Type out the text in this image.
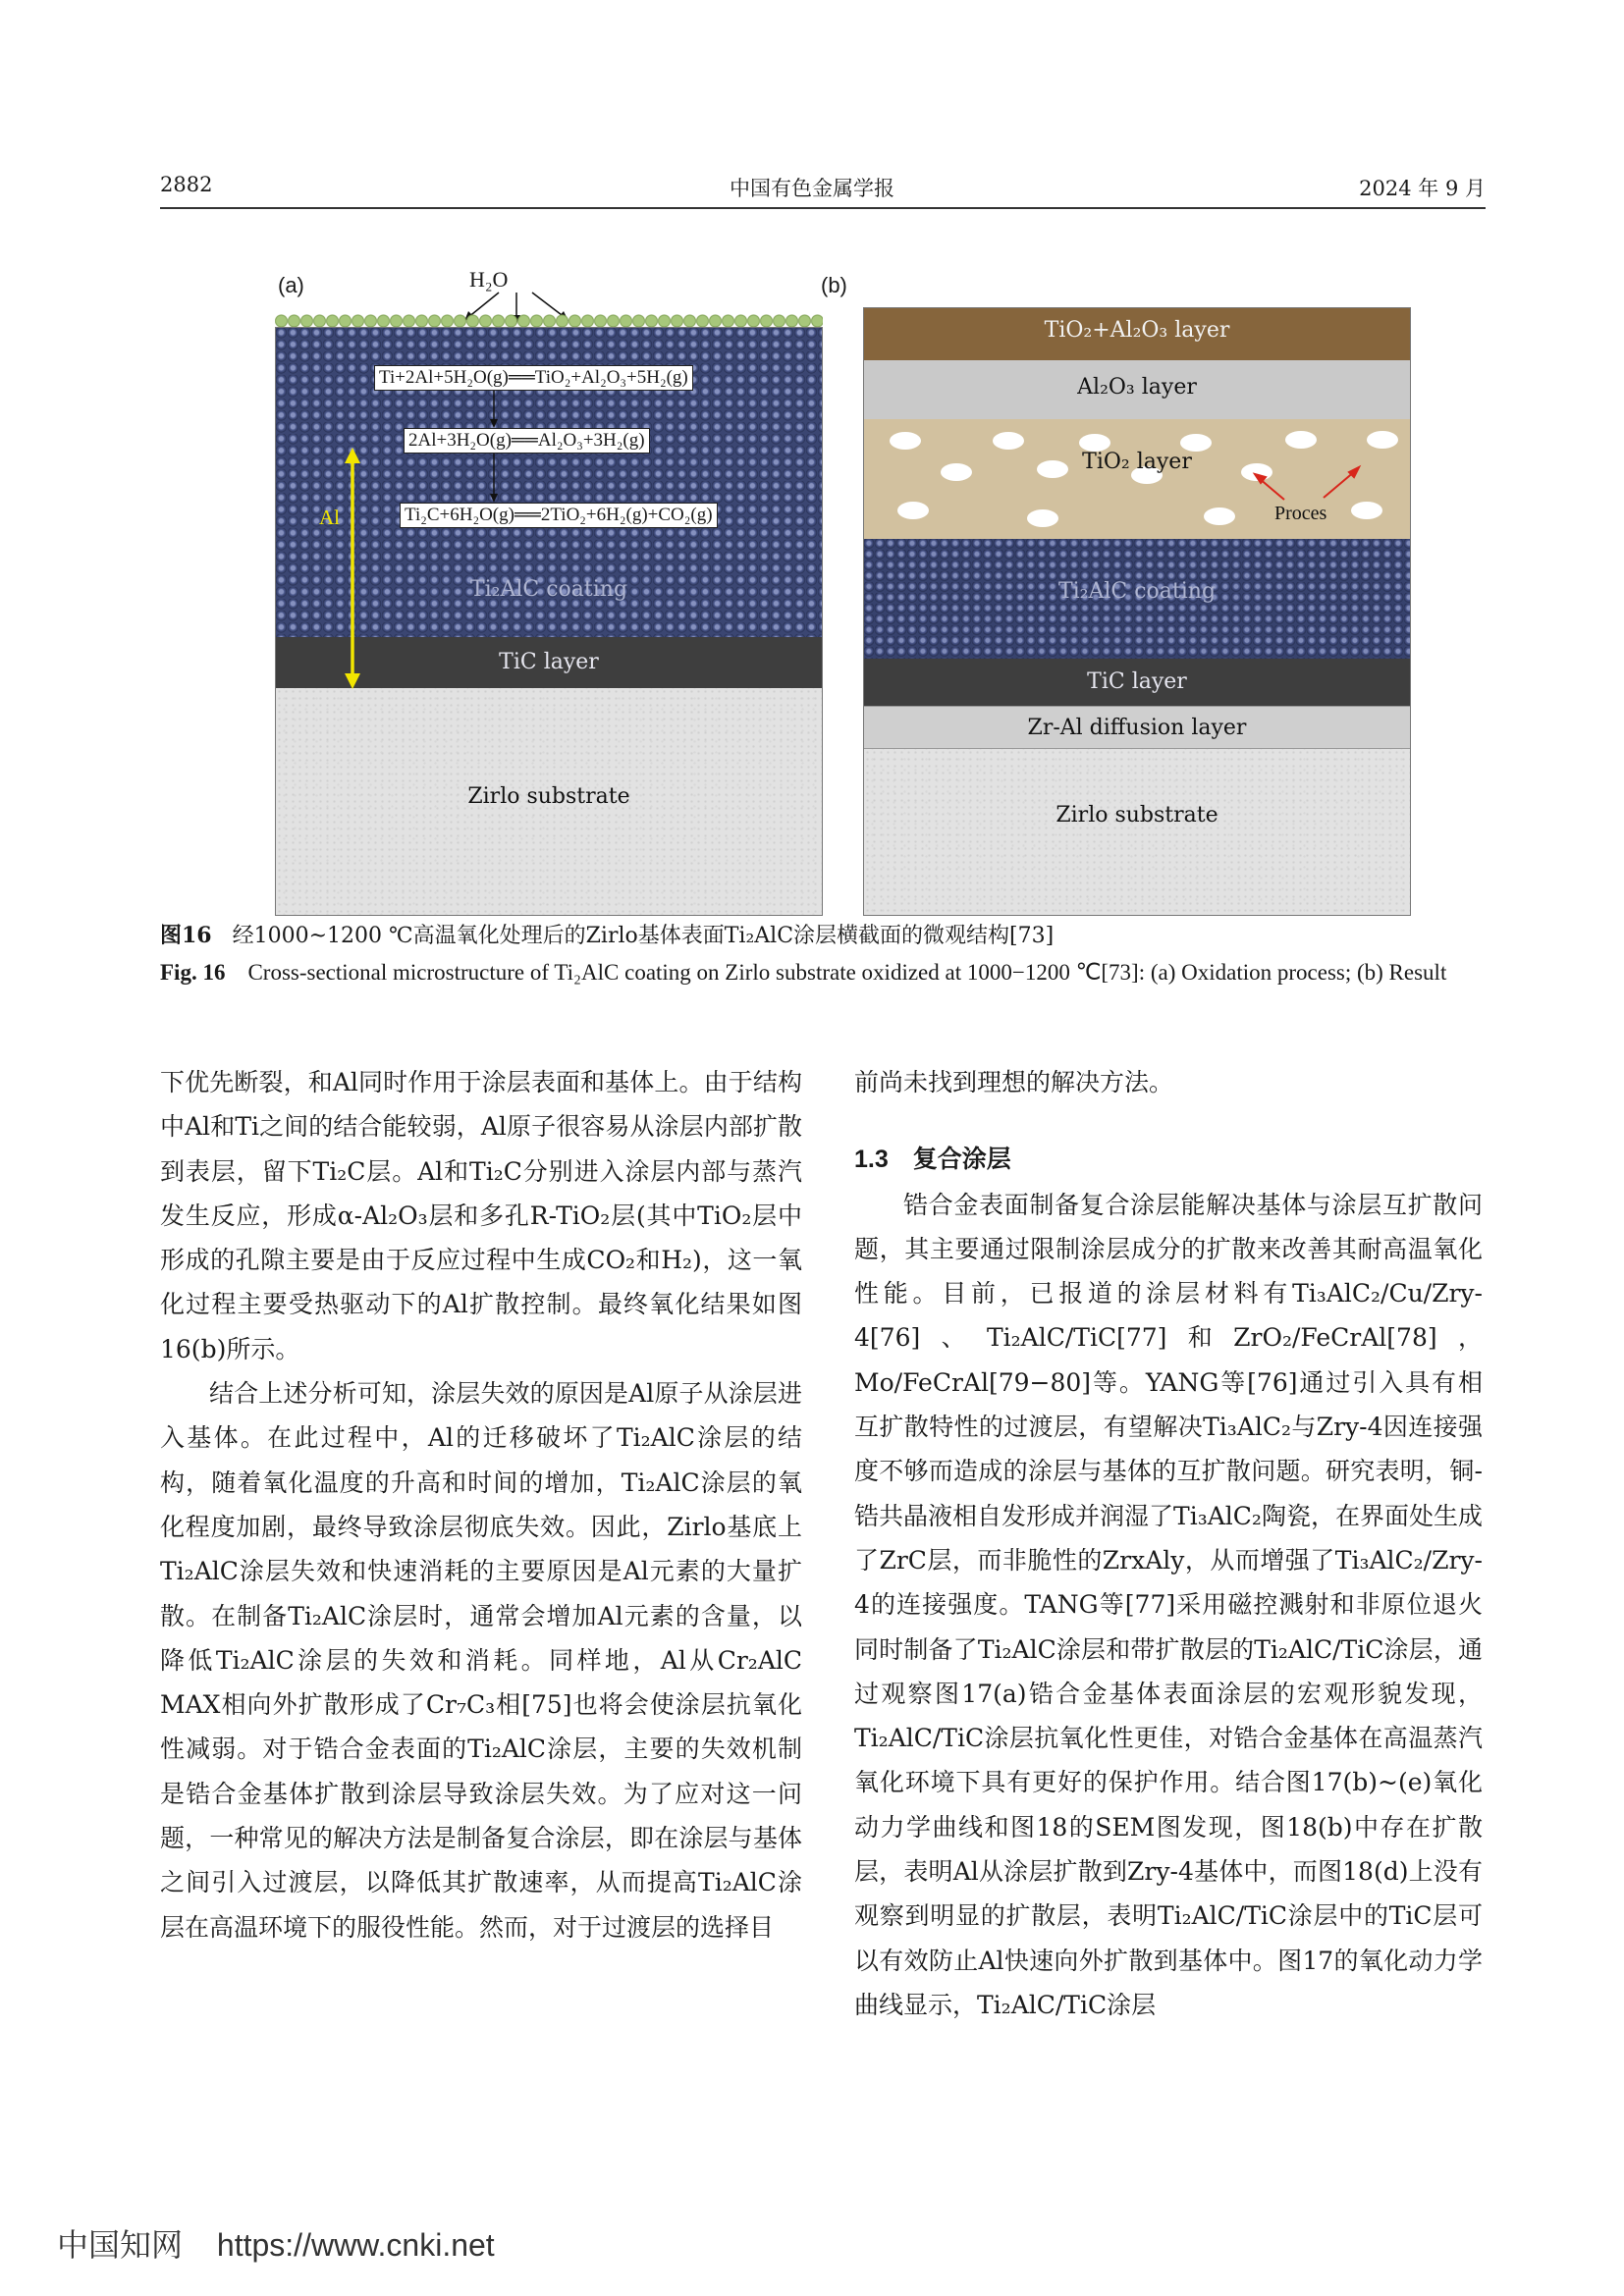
2882	中国有色金属学报	2024 年 9 月
(a)	H₂O
Ti+2Al+5H₂O(g)══TiO₂+Al₂O₃+5H₂(g)
2Al+3H₂O(g)══Al₂O₃+3H₂(g)
Ti₂C+6H₂O(g)══2TiO₂+6H₂(g)+CO₂(g)
Al
Ti₂AlC coating
TiC layer
Zirlo substrate
(b)
TiO₂+Al₂O₃ layer
Al₂O₃ layer
TiO₂ layer
Proces
Ti₂AlC coating
TiC layer
Zr-Al diffusion layer
Zirlo substrate
图16 经1000~1200 ℃高温氧化处理后的Zirlo基体表面Ti₂AlC涂层横截面的微观结构[73]
Fig. 16 Cross-sectional microstructure of Ti₂AlC coating on Zirlo substrate oxidized at 1000−1200 ℃[73]: (a) Oxidation process; (b) Result

下优先断裂，和Al同时作用于涂层表面和基体上。由于结构中Al和Ti之间的结合能较弱，Al原子很容易从涂层内部扩散到表层，留下Ti₂C层。Al和Ti₂C分别进入涂层内部与蒸汽发生反应，形成α-Al₂O₃层和多孔R-TiO₂层(其中TiO₂层中形成的孔隙主要是由于反应过程中生成CO₂和H₂)，这一氧化过程主要受热驱动下的Al扩散控制。最终氧化结果如图16(b)所示。

结合上述分析可知，涂层失效的原因是Al原子从涂层进入基体。在此过程中，Al的迁移破坏了Ti₂AlC涂层的结构，随着氧化温度的升高和时间的增加，Ti₂AlC涂层的氧化程度加剧，最终导致涂层彻底失效。因此，Zirlo基底上Ti₂AlC涂层失效和快速消耗的主要原因是Al元素的大量扩散。在制备Ti₂AlC涂层时，通常会增加Al元素的含量，以降低Ti₂AlC涂层的失效和消耗。同样地，Al从Cr₂AlC MAX相向外扩散形成了Cr₇C₃相[75]也将会使涂层抗氧化性减弱。对于锆合金表面的Ti₂AlC涂层，主要的失效机制是锆合金基体扩散到涂层导致涂层失效。为了应对这一问题，一种常见的解决方法是制备复合涂层，即在涂层与基体之间引入过渡层，以降低其扩散速率，从而提高Ti₂AlC涂层在高温环境下的服役性能。然而，对于过渡层的选择目

前尚未找到理想的解决方法。

1.3　复合涂层

锆合金表面制备复合涂层能解决基体与涂层互扩散问题，其主要通过限制涂层成分的扩散来改善其耐高温氧化性能。目前，已报道的涂层材料有Ti₃AlC₂/Cu/Zry-4[76]、Ti₂AlC/TiC[77]和ZrO₂/FeCrAl[78]，Mo/FeCrAl[79−80]等。YANG等[76]通过引入具有相互扩散特性的过渡层，有望解决Ti₃AlC₂与Zry-4因连接强度不够而造成的涂层与基体的互扩散问题。研究表明，铜-锆共晶液相自发形成并润湿了Ti₃AlC₂陶瓷，在界面处生成了ZrC层，而非脆性的ZrxAly，从而增强了Ti₃AlC₂/Zry-4的连接强度。TANG等[77]采用磁控溅射和非原位退火同时制备了Ti₂AlC涂层和带扩散层的Ti₂AlC/TiC涂层，通过观察图17(a)锆合金基体表面涂层的宏观形貌发现，Ti₂AlC/TiC涂层抗氧化性更佳，对锆合金基体在高温蒸汽氧化环境下具有更好的保护作用。结合图17(b)~(e)氧化动力学曲线和图18的SEM图发现，图18(b)中存在扩散层，表明Al从涂层扩散到Zry-4基体中，而图18(d)上没有观察到明显的扩散层，表明Ti₂AlC/TiC涂层中的TiC层可以有效防止Al快速向外扩散到基体中。图17的氧化动力学曲线显示，Ti₂AlC/TiC涂层

中国知网 https://www.cnki.net
